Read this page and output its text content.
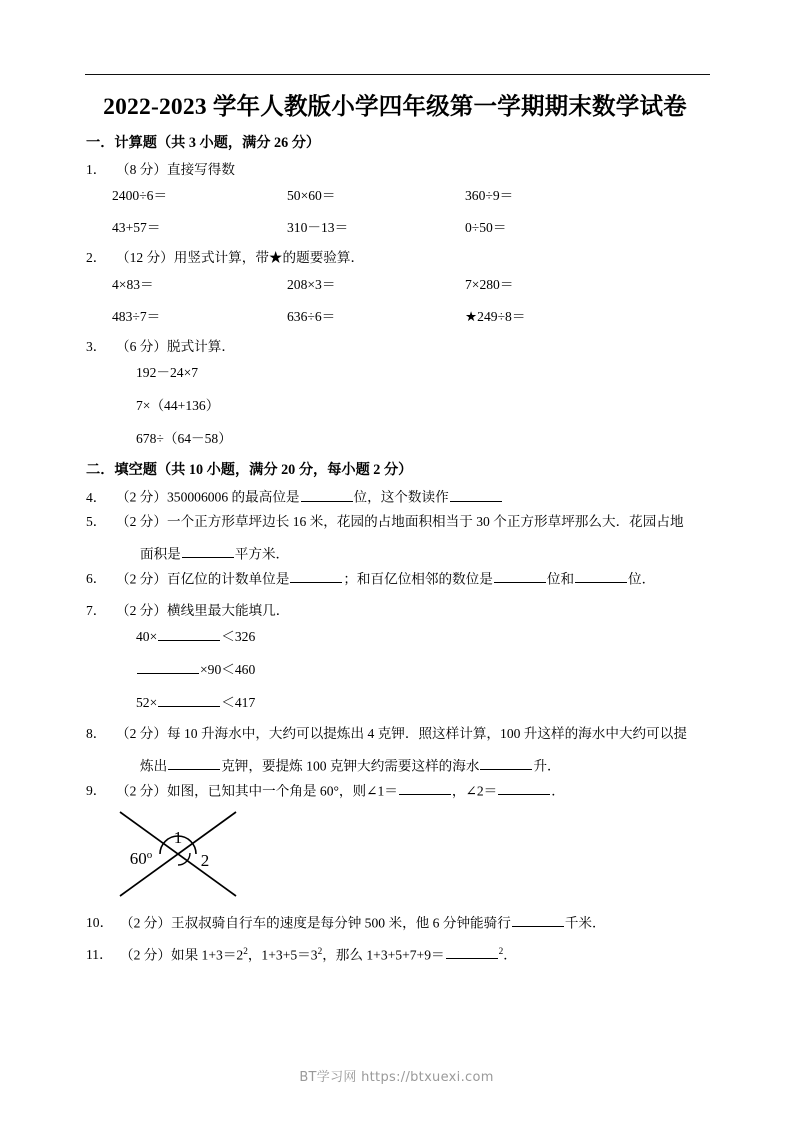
2022-2023 学年人教版小学四年级第一学期期末数学试卷
一．计算题（共 3 小题，满分 26 分）
1． （8 分）直接写得数
2400÷6＝	50×60＝	360÷9＝
43+57＝	310－13＝	0÷50＝
2． （12 分）用竖式计算，带★的题要验算．
4×83＝	208×3＝	7×280＝
483÷7＝	636÷6＝	★249÷8＝
3． （6 分）脱式计算．
192－24×7
7×（44+136）
678÷（64－58）
二．填空题（共 10 小题，满分 20 分，每小题 2 分）
4． （2 分）350006006 的最高位是	位，这个数读作
5． （2 分）一个正方形草坪边长 16 米，花园的占地面积相当于 30 个正方形草坪那么大．花园占地
面积是	平方米．
6． （2 分）百亿位的计数单位是	；和百亿位相邻的数位是	位和	位．
7． （2 分）横线里最大能填几．
40×	＜326
×90＜460
52×	＜417
8． （2 分）每 10 升海水中，大约可以提炼出 4 克钾．照这样计算，100 升这样的海水中大约可以提
炼出	克钾，要提炼 100 克钾大约需要这样的海水	升．
9． （2 分）如图，已知其中一个角是 60°，则∠1＝	，∠2＝	．
60$^o$
1
2
10． （2 分）王叔叔骑自行车的速度是每分钟 500 米，他 6 分钟能骑行	千米．
11． （2 分）如果 $1+3=2^2$，$1+3+5=3^2$，那么 1+3+5+7+9＝	$^2$．
BT学习网 https://btxuexi.com
